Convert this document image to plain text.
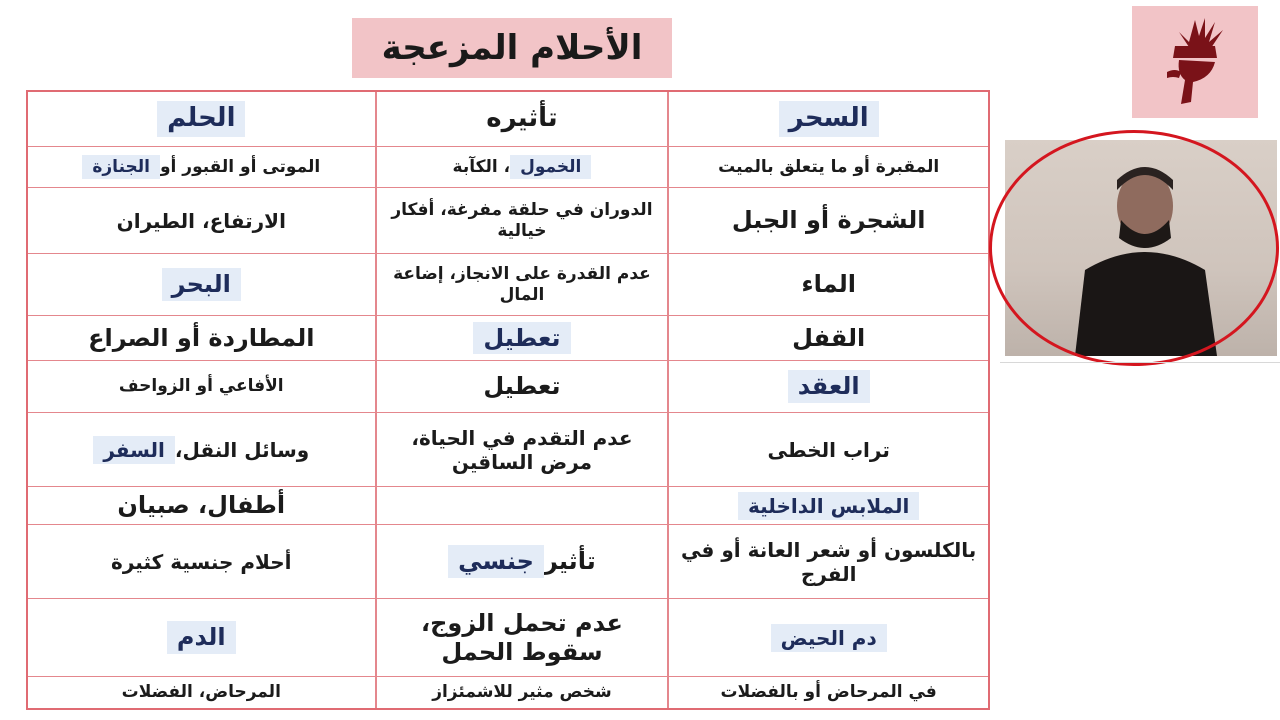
الأحلام المزعجة
السحر
تأثيره
الحلم
المقبرة أو ما يتعلق بالميت
الخمول
، الكآبة
الموتى أو القبور أو
الجنازة
الشجرة أو الجبل
الدوران في حلقة مفرغة، أفكار خيالية
الارتفاع، الطيران
الماء
عدم القدرة على الانجاز، إضاعة المال
البحر
القفل
تعطيل
المطاردة أو الصراع
العقد
تعطيل
الأفاعي أو الزواحف
تراب الخطى
عدم التقدم في الحياة، مرض الساقين
وسائل النقل،
السفر
الملابس الداخلية
أطفال، صبيان
بالكلسون أو شعر العانة أو في الفرج
تأثير
جنسي
أحلام جنسية كثيرة
دم الحيض
عدم تحمل الزوج، سقوط الحمل
الدم
في المرحاض أو بالفضلات
شخص مثير للاشمئزاز
المرحاض، الفضلات
